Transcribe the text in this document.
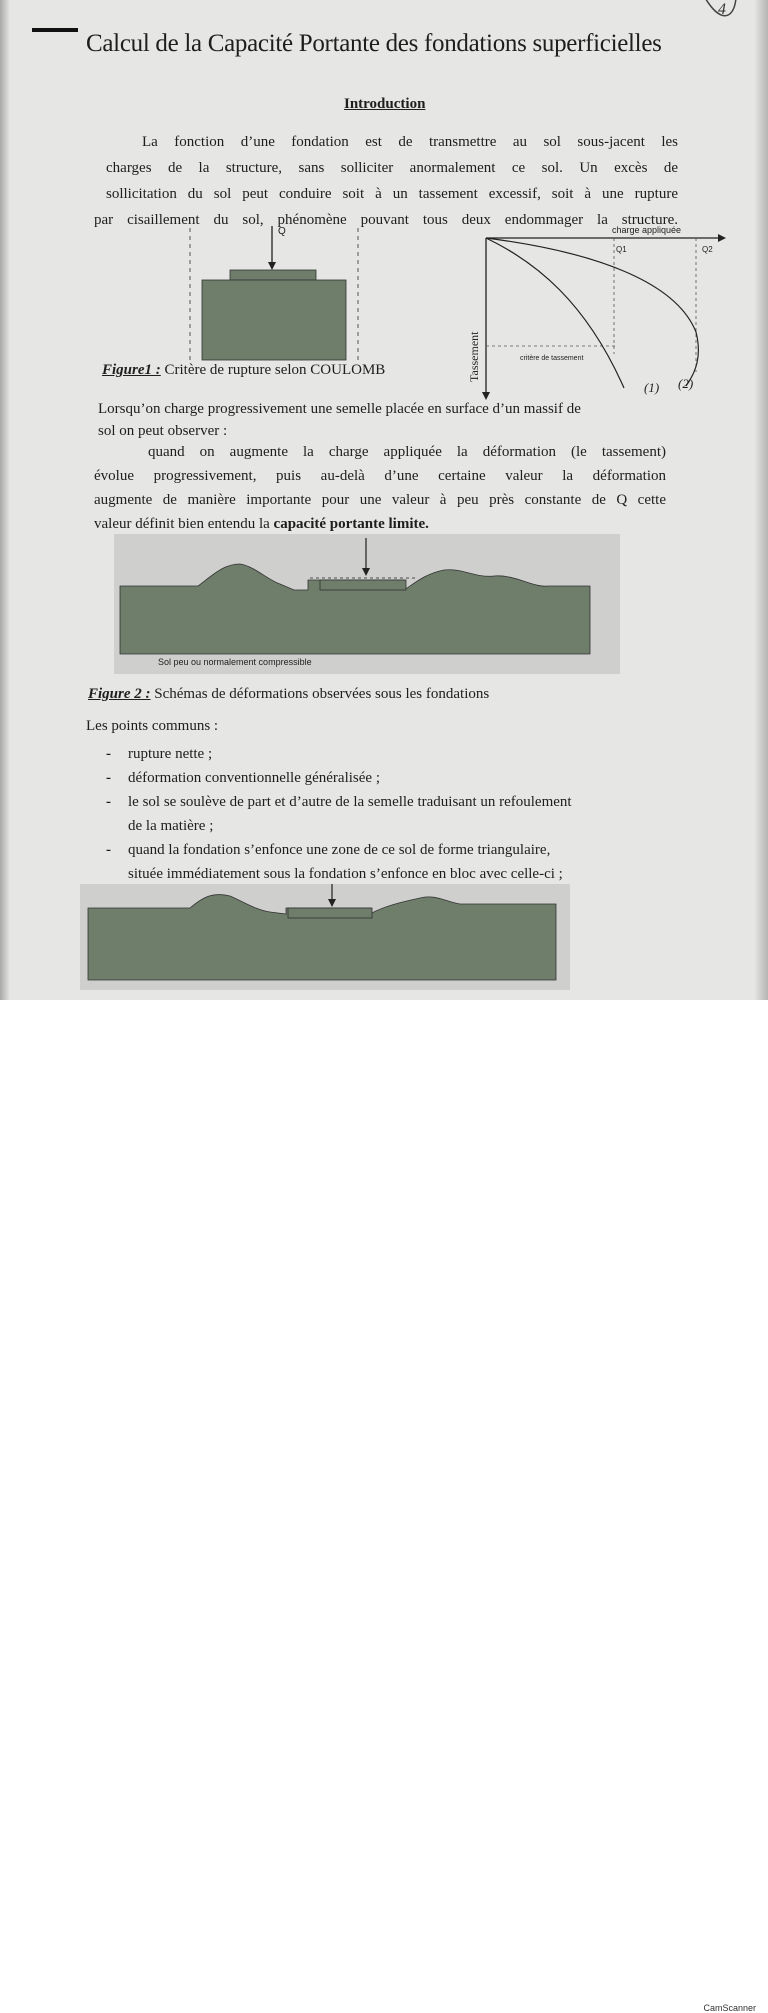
4
Calcul de la Capacité Portante des fondations superficielles
Introduction
La fonction d’une fondation est de transmettre au sol sous-jacent les
charges de la structure, sans solliciter anormalement ce sol. Un excès de
sollicitation du sol peut conduire soit à un tassement excessif, soit à une rupture
par cisaillement du sol, phénomène pouvant tous deux endommager la structure.
Q
Figure1 : Critère de rupture selon COULOMB
charge appliquée
Q1	Q2
critère de tassement
Tassement
(1) (2)
Lorsqu’on charge progressivement une semelle placée en surface d’un massif de
sol on peut observer :
quand on augmente la charge appliquée la déformation (le tassement)
évolue progressivement, puis au-delà d’une certaine valeur la déformation
augmente de manière importante pour une valeur à peu près constante de Q cette
valeur définit bien entendu la capacité portante limite.
Sol peu ou normalement compressible
Figure 2 : Schémas de déformations observées sous les fondations
Les points communs :
- rupture nette ;
- déformation conventionnelle généralisée ;
- le sol se soulève de part et d’autre de la semelle traduisant un refoulement
de la matière ;
- quand la fondation s’enfonce une zone de ce sol de forme triangulaire,
située immédiatement sous la fondation s’enfonce en bloc avec celle-ci ;
CamScanner
